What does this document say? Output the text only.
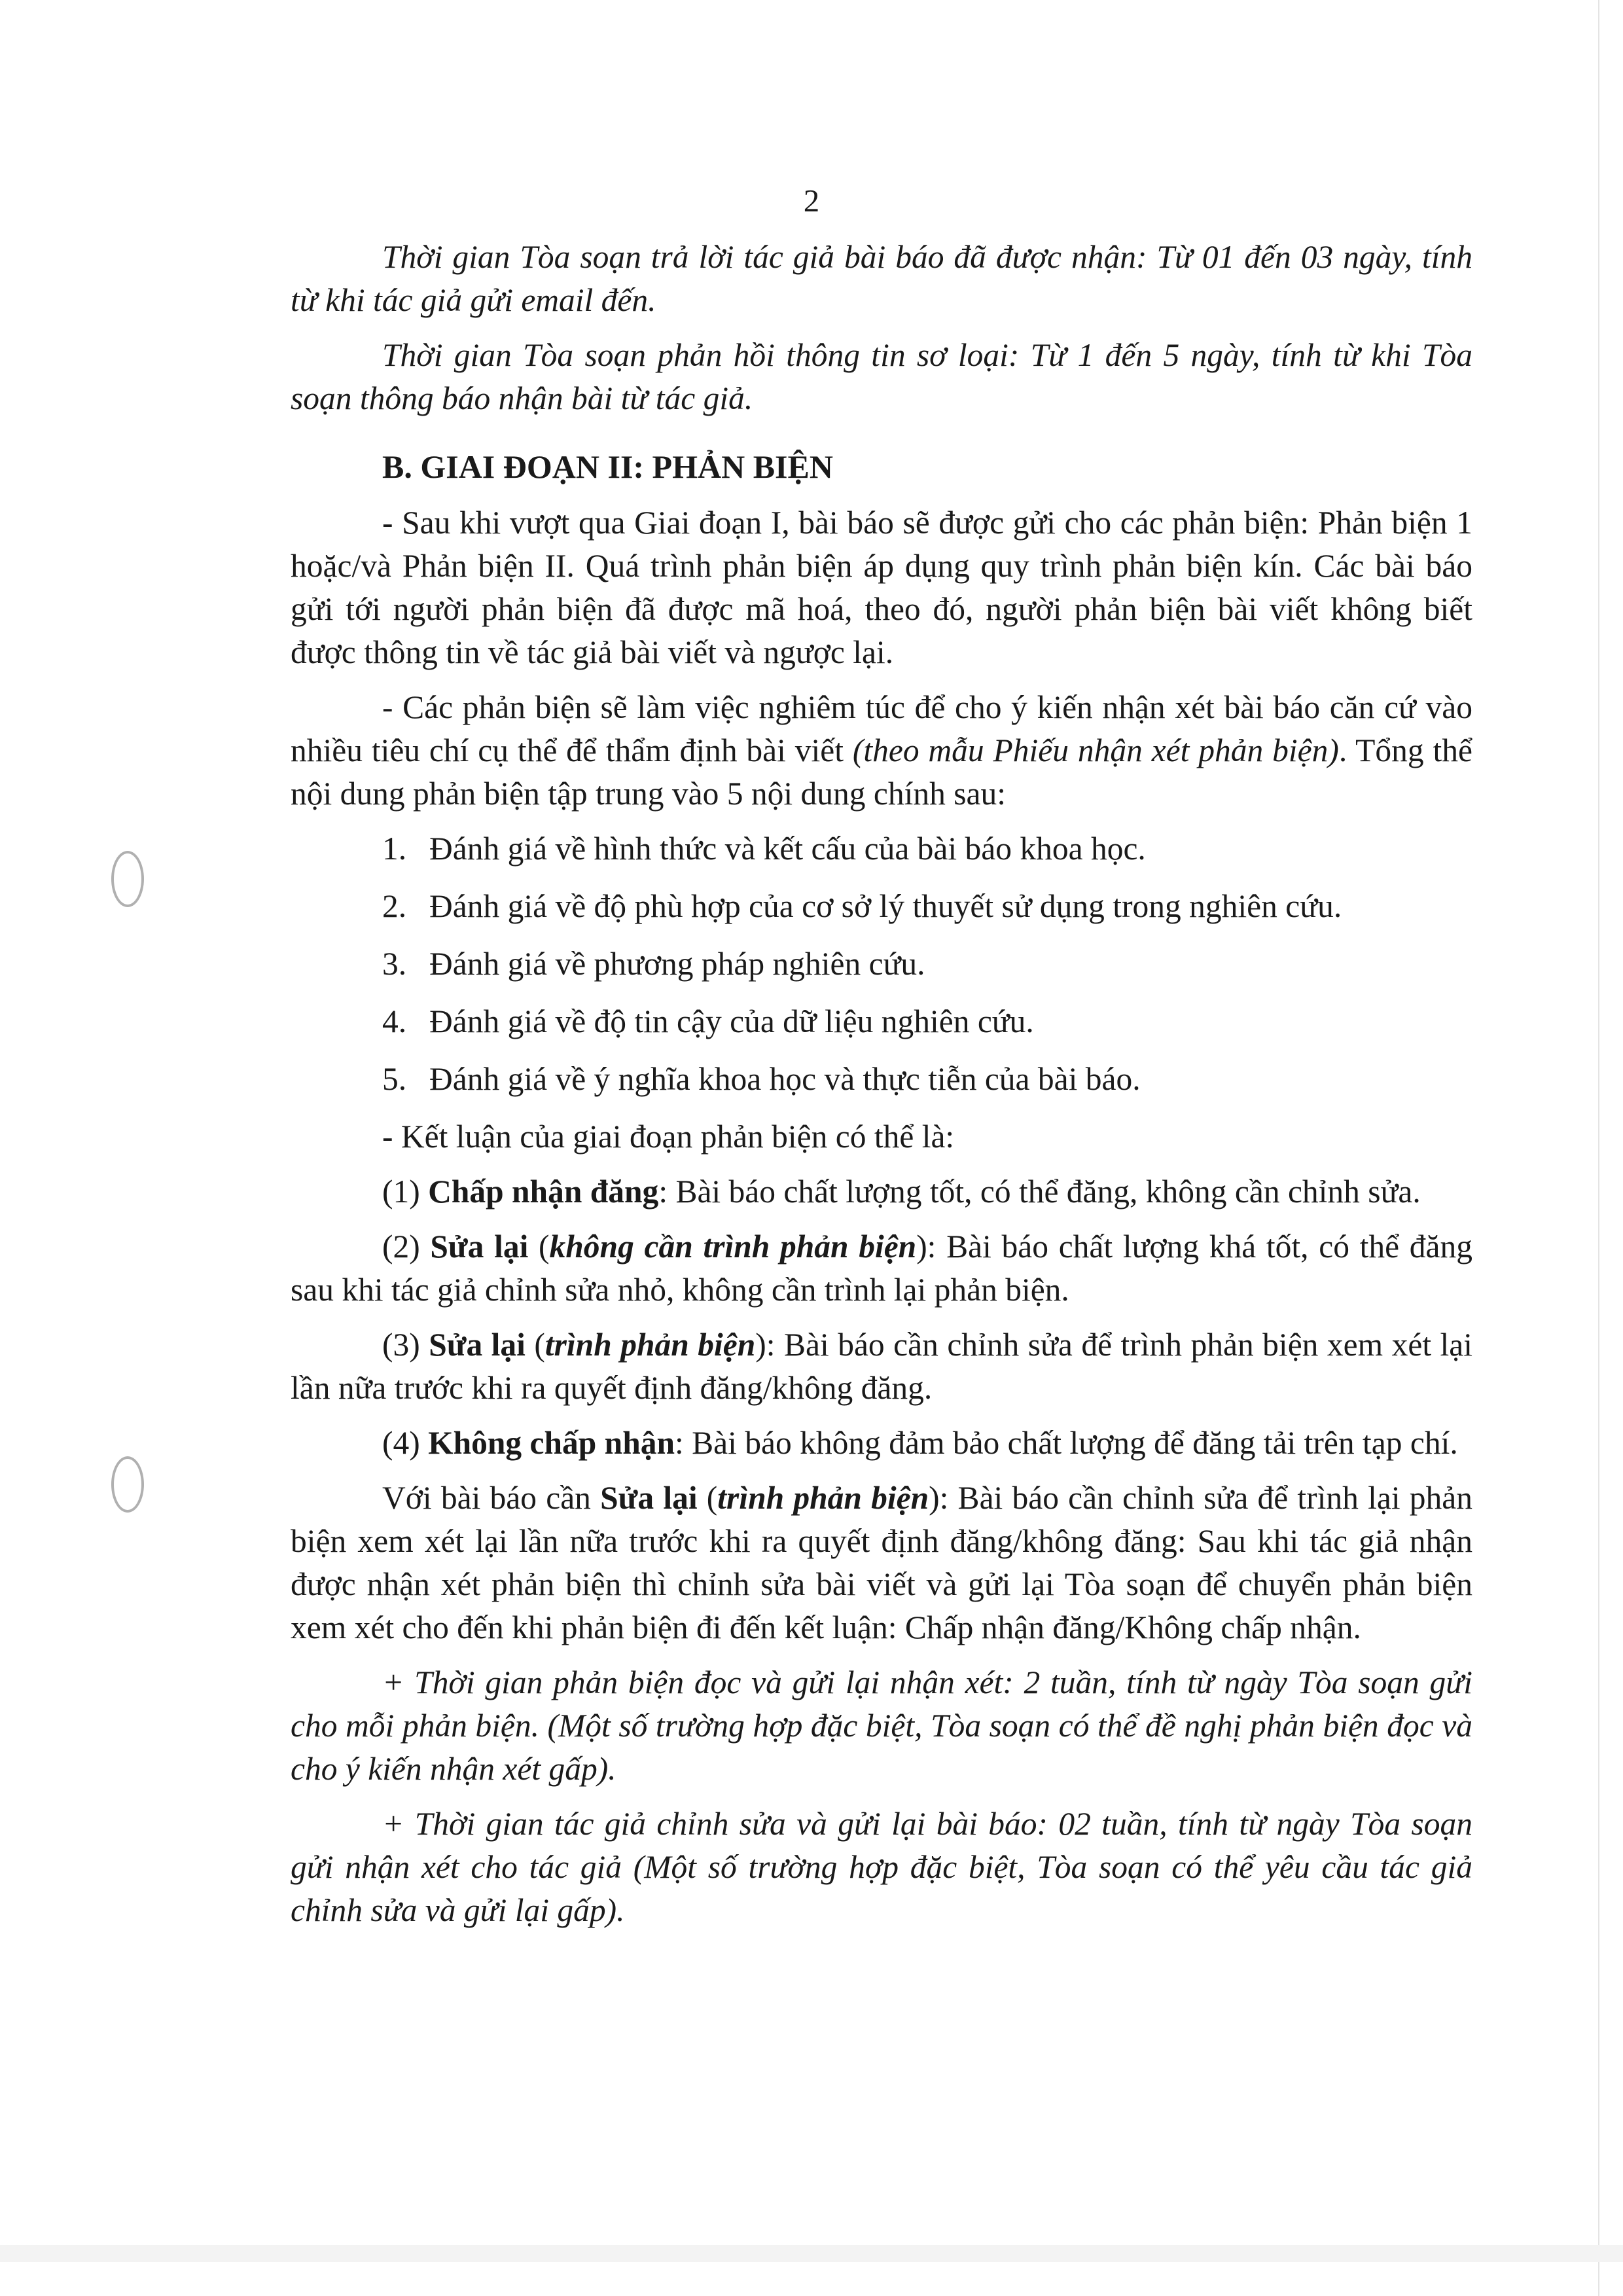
2

Thời gian Tòa soạn trả lời tác giả bài báo đã được nhận: Từ 01 đến 03 ngày, tính từ khi tác giả gửi email đến.

Thời gian Tòa soạn phản hồi thông tin sơ loại: Từ 1 đến 5 ngày, tính từ khi Tòa soạn thông báo nhận bài từ tác giả.

B. GIAI ĐOẠN II: PHẢN BIỆN

- Sau khi vượt qua Giai đoạn I, bài báo sẽ được gửi cho các phản biện: Phản biện 1 hoặc/và Phản biện II. Quá trình phản biện áp dụng quy trình phản biện kín. Các bài báo gửi tới người phản biện đã được mã hoá, theo đó, người phản biện bài viết không biết được thông tin về tác giả bài viết và ngược lại.

- Các phản biện sẽ làm việc nghiêm túc để cho ý kiến nhận xét bài báo căn cứ vào nhiều tiêu chí cụ thể để thẩm định bài viết (theo mẫu Phiếu nhận xét phản biện). Tổng thể nội dung phản biện tập trung vào 5 nội dung chính sau:

1. Đánh giá về hình thức và kết cấu của bài báo khoa học.
2. Đánh giá về độ phù hợp của cơ sở lý thuyết sử dụng trong nghiên cứu.
3. Đánh giá về phương pháp nghiên cứu.
4. Đánh giá về độ tin cậy của dữ liệu nghiên cứu.
5. Đánh giá về ý nghĩa khoa học và thực tiễn của bài báo.

- Kết luận của giai đoạn phản biện có thể là:

(1) Chấp nhận đăng: Bài báo chất lượng tốt, có thể đăng, không cần chỉnh sửa.

(2) Sửa lại (không cần trình phản biện): Bài báo chất lượng khá tốt, có thể đăng sau khi tác giả chỉnh sửa nhỏ, không cần trình lại phản biện.

(3) Sửa lại (trình phản biện): Bài báo cần chỉnh sửa để trình phản biện xem xét lại lần nữa trước khi ra quyết định đăng/không đăng.

(4) Không chấp nhận: Bài báo không đảm bảo chất lượng để đăng tải trên tạp chí.

Với bài báo cần Sửa lại (trình phản biện): Bài báo cần chỉnh sửa để trình lại phản biện xem xét lại lần nữa trước khi ra quyết định đăng/không đăng: Sau khi tác giả nhận được nhận xét phản biện thì chỉnh sửa bài viết và gửi lại Tòa soạn để chuyển phản biện xem xét cho đến khi phản biện đi đến kết luận: Chấp nhận đăng/Không chấp nhận.

+ Thời gian phản biện đọc và gửi lại nhận xét: 2 tuần, tính từ ngày Tòa soạn gửi cho mỗi phản biện. (Một số trường hợp đặc biệt, Tòa soạn có thể đề nghị phản biện đọc và cho ý kiến nhận xét gấp).

+ Thời gian tác giả chỉnh sửa và gửi lại bài báo: 02 tuần, tính từ ngày Tòa soạn gửi nhận xét cho tác giả (Một số trường hợp đặc biệt, Tòa soạn có thể yêu cầu tác giả chỉnh sửa và gửi lại gấp).
